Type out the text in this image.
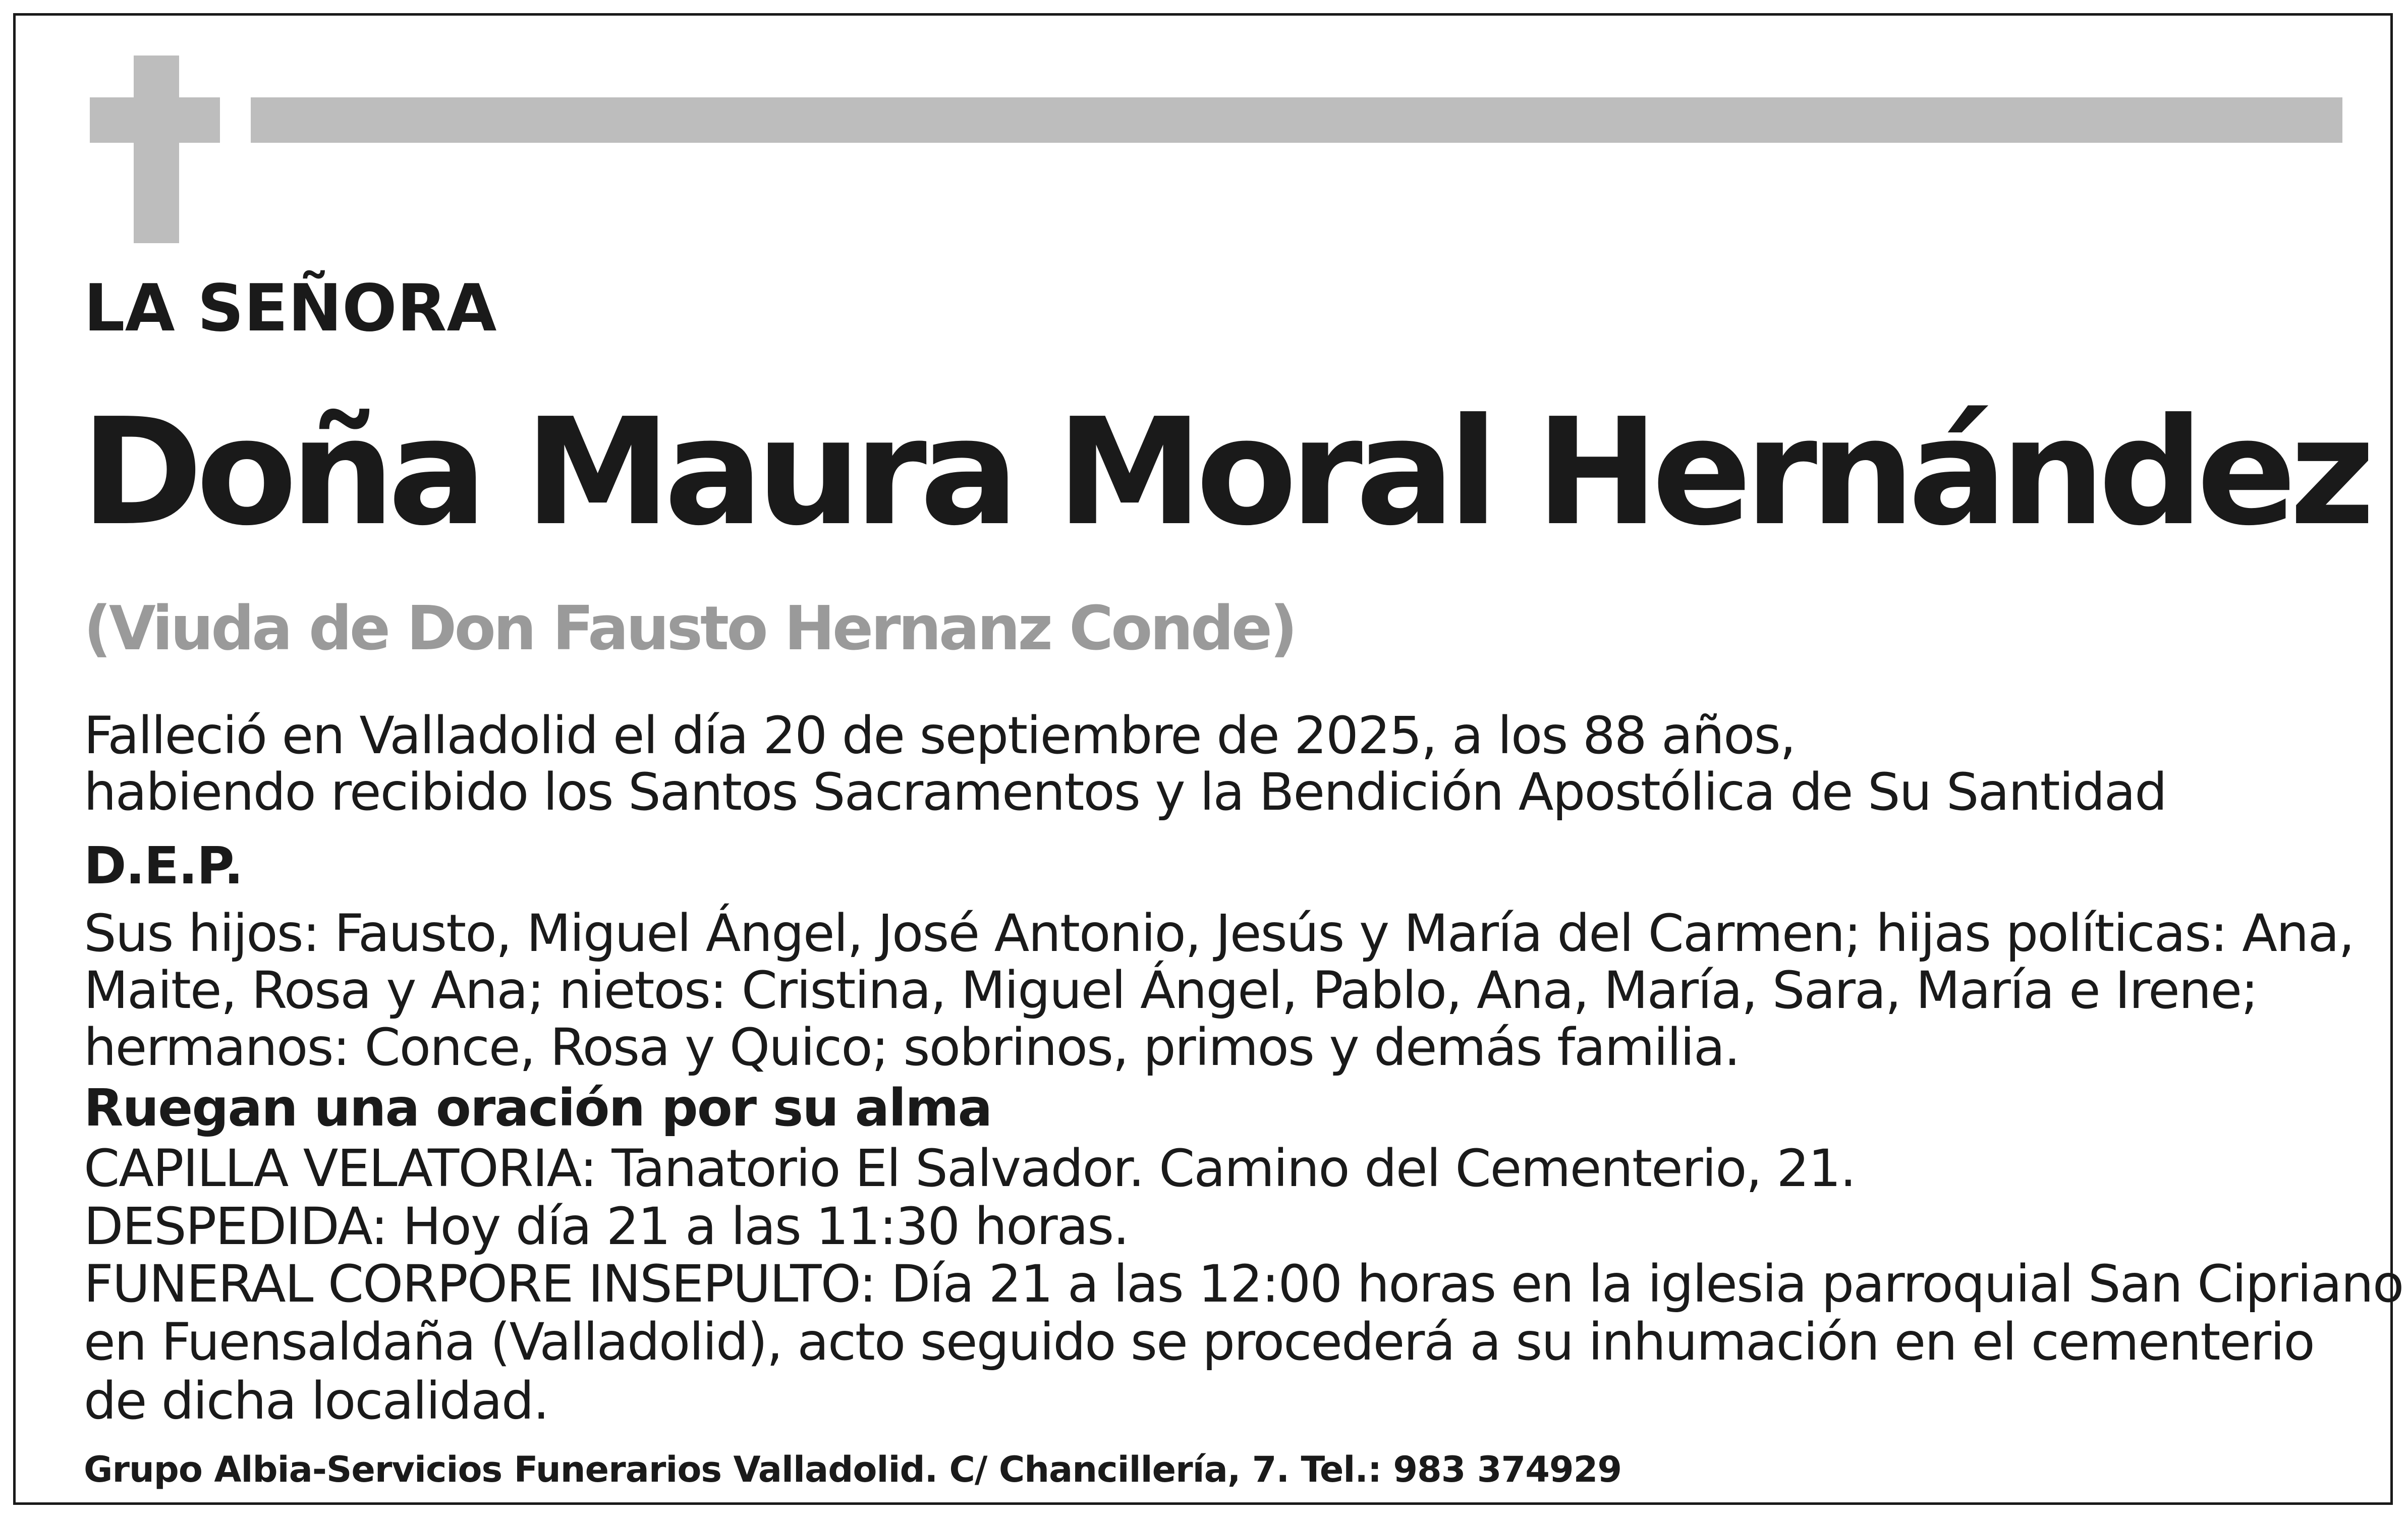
LA SEÑORA
Doña Maura Moral Hernández
(Viuda de Don Fausto Hernanz Conde)
Falleció en Valladolid el día 20 de septiembre de 2025, a los 88 años,
habiendo recibido los Santos Sacramentos y la Bendición Apostólica de Su Santidad
D.E.P.
Sus hijos: Fausto, Miguel Ángel, José Antonio, Jesús y María del Carmen; hijas políticas: Ana,
Maite, Rosa y Ana; nietos: Cristina, Miguel Ángel, Pablo, Ana, María, Sara, María e Irene;
hermanos: Conce, Rosa y Quico; sobrinos, primos y demás familia.
Ruegan una oración por su alma
CAPILLA VELATORIA: Tanatorio El Salvador. Camino del Cementerio, 21.
DESPEDIDA: Hoy día 21 a las 11:30 horas.
FUNERAL CORPORE INSEPULTO: Día 21 a las 12:00 horas en la iglesia parroquial San Cipriano
en Fuensaldaña (Valladolid), acto seguido se procederá a su inhumación en el cementerio
de dicha localidad.
Grupo Albia-Servicios Funerarios Valladolid. C/ Chancillería, 7. Tel.: 983 374929
